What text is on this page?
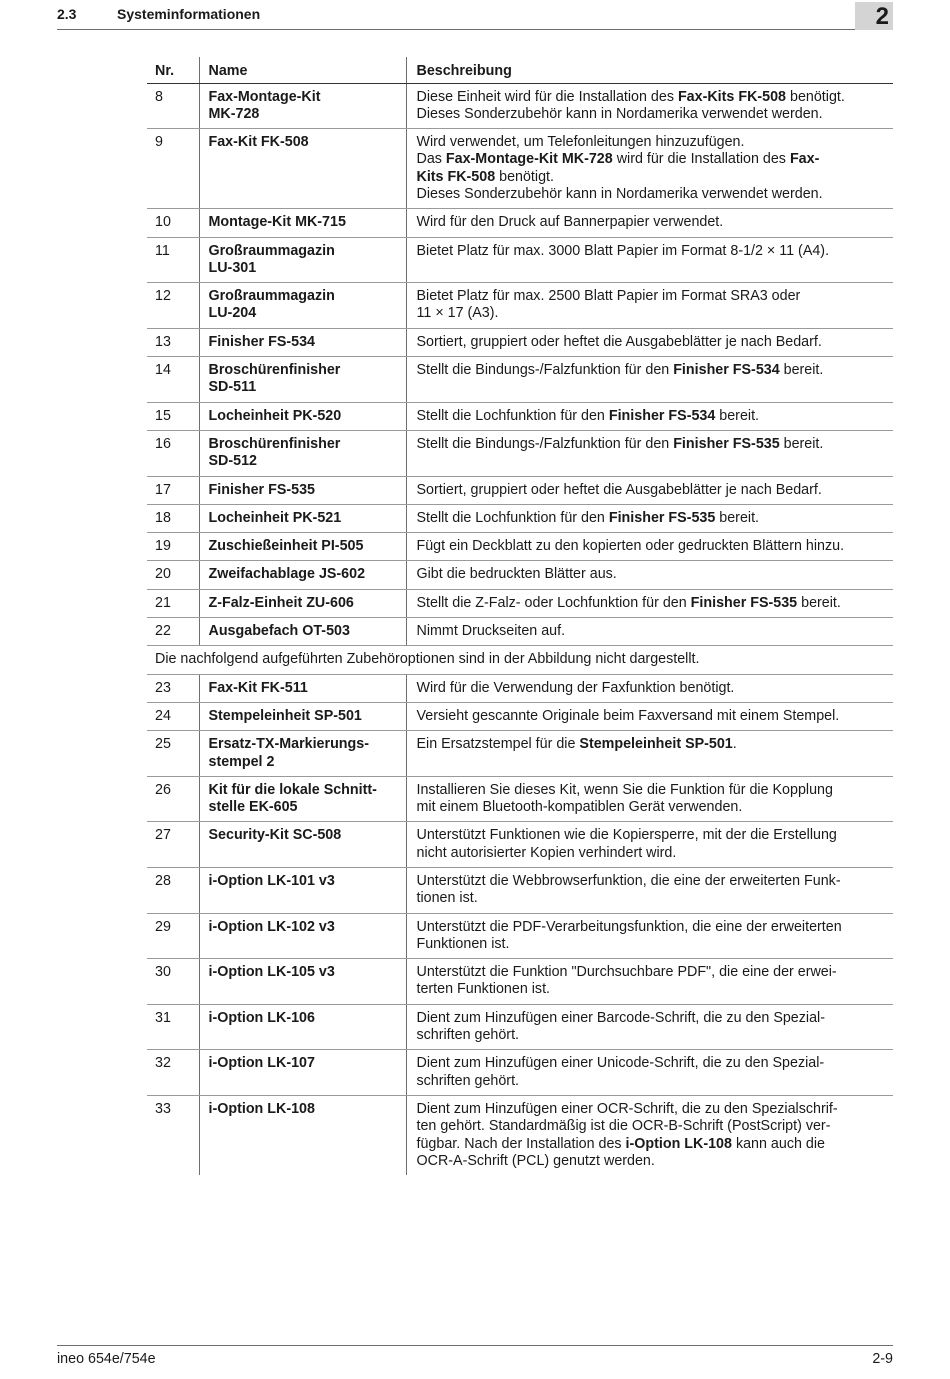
2.3	Systeminformationen	2
Nr.	Name	Beschreibung
8	Fax-Montage-Kit
MK-728	Diese Einheit wird für die Installation des Fax-Kits FK-508 benötigt.
Dieses Sonderzubehör kann in Nordamerika verwendet werden.

9	Fax-Kit FK-508	Wird verwendet, um Telefonleitungen hinzuzufügen.
Das Fax-Montage-Kit MK-728 wird für die Installation des Fax-
Kits FK-508 benötigt.
Dieses Sonderzubehör kann in Nordamerika verwendet werden.

10	Montage-Kit MK-715	Wird für den Druck auf Bannerpapier verwendet.

11	Großraummagazin
LU-301	Bietet Platz für max. 3000 Blatt Papier im Format 8-1/2 × 11 (A4).

12	Großraummagazin
LU-204	Bietet Platz für max. 2500 Blatt Papier im Format SRA3 oder
11 × 17 (A3).

13	Finisher FS-534	Sortiert, gruppiert oder heftet die Ausgabeblätter je nach Bedarf.

14	Broschürenfinisher
SD-511	Stellt die Bindungs-/Falzfunktion für den Finisher FS-534 bereit.

15	Locheinheit PK-520	Stellt die Lochfunktion für den Finisher FS-534 bereit.

16	Broschürenfinisher
SD-512	Stellt die Bindungs-/Falzfunktion für den Finisher FS-535 bereit.

17	Finisher FS-535	Sortiert, gruppiert oder heftet die Ausgabeblätter je nach Bedarf.

18	Locheinheit PK-521	Stellt die Lochfunktion für den Finisher FS-535 bereit.

19	Zuschießeinheit PI-505	Fügt ein Deckblatt zu den kopierten oder gedruckten Blättern hinzu.

20	Zweifachablage JS-602	Gibt die bedruckten Blätter aus.

21	Z-Falz-Einheit ZU-606	Stellt die Z-Falz- oder Lochfunktion für den Finisher FS-535 bereit.

22	Ausgabefach OT-503	Nimmt Druckseiten auf.

Die nachfolgend aufgeführten Zubehöroptionen sind in der Abbildung nicht dargestellt.		
23	Fax-Kit FK-511	Wird für die Verwendung der Faxfunktion benötigt.

24	Stempeleinheit SP-501	Versieht gescannte Originale beim Faxversand mit einem Stempel.

25	Ersatz-TX-Markierungs-
stempel 2	Ein Ersatzstempel für die Stempeleinheit SP-501.

26	Kit für die lokale Schnitt-
stelle EK-605	Installieren Sie dieses Kit, wenn Sie die Funktion für die Kopplung
mit einem Bluetooth-kompatiblen Gerät verwenden.

27	Security-Kit SC-508	Unterstützt Funktionen wie die Kopiersperre, mit der die Erstellung
nicht autorisierter Kopien verhindert wird.

28	i-Option LK-101 v3	Unterstützt die Webbrowserfunktion, die eine der erweiterten Funk-
tionen ist.

29	i-Option LK-102 v3	Unterstützt die PDF-Verarbeitungsfunktion, die eine der erweiterten
Funktionen ist.

30	i-Option LK-105 v3	Unterstützt die Funktion "Durchsuchbare PDF", die eine der erwei-
terten Funktionen ist.

31	i-Option LK-106	Dient zum Hinzufügen einer Barcode-Schrift, die zu den Spezial-
schriften gehört.

32	i-Option LK-107	Dient zum Hinzufügen einer Unicode-Schrift, die zu den Spezial-
schriften gehört.

33	i-Option LK-108	Dient zum Hinzufügen einer OCR-Schrift, die zu den Spezialschrif-
ten gehört. Standardmäßig ist die OCR-B-Schrift (PostScript) ver-
fügbar. Nach der Installation des i-Option LK-108 kann auch die
OCR-A-Schrift (PCL) genutzt werden.
ineo 654e/754e	2-9
